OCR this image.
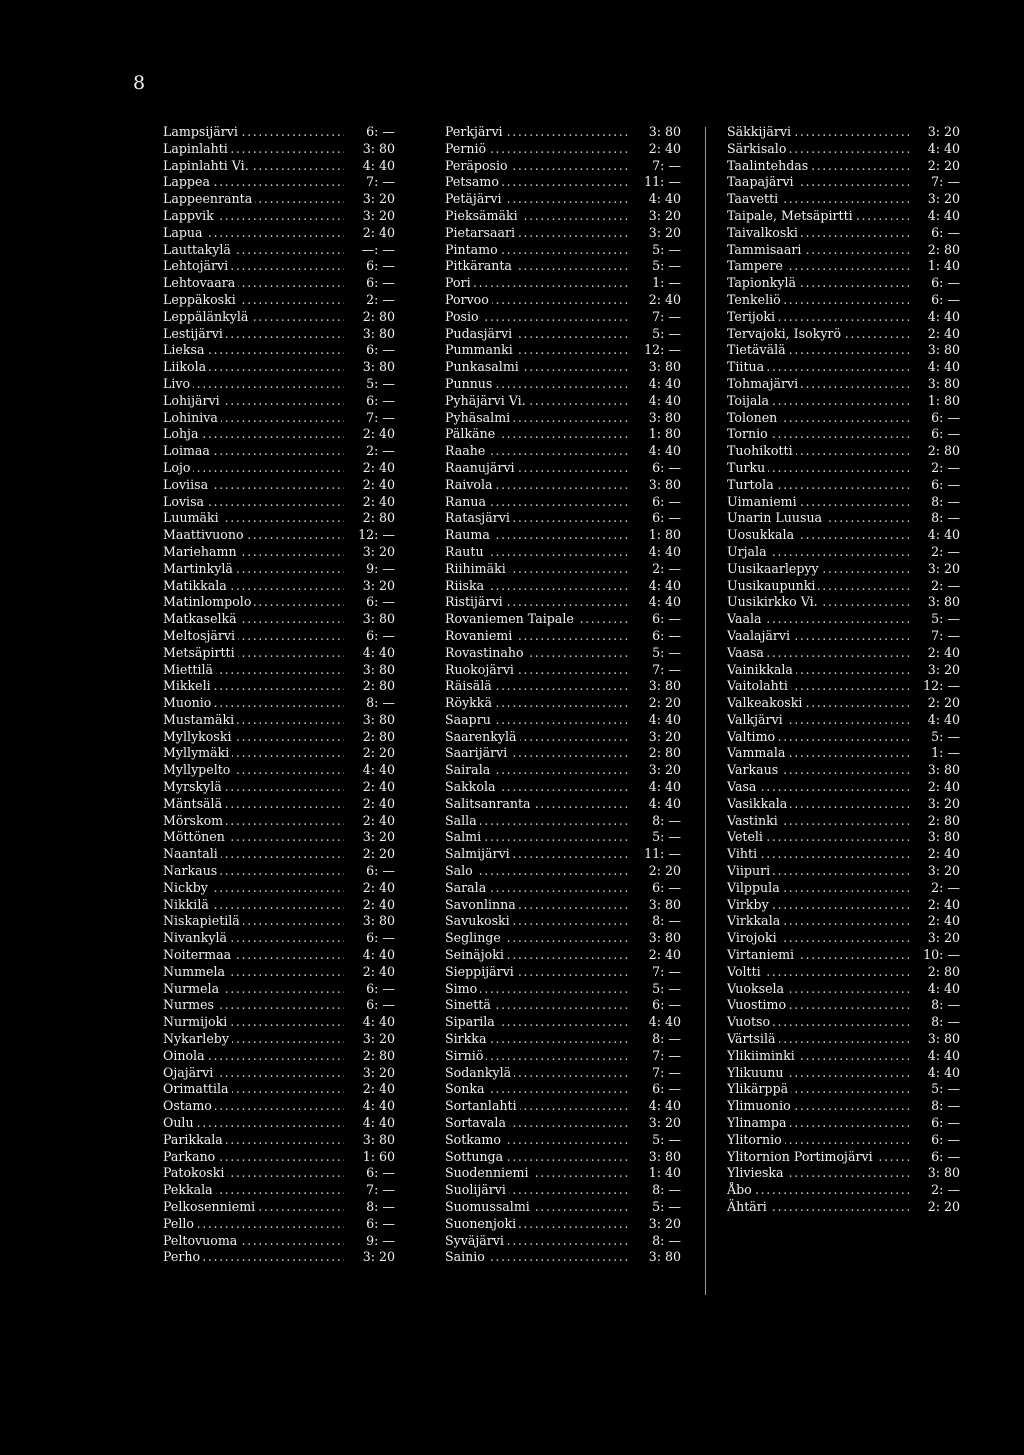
8
Lampsijärvi . . .	6: —
Lapinlahti . . .	3: 80
Lapinlahti Vi. . . .	4: 40
Lappea . . .	7: —
Lappeenranta . . .	3: 20
Lappvik . . .	3: 20
Lapua . . .	2: 40
Lauttakylä . . .	—: —
Lehtojärvi . . .	6: —
Lehtovaara . . .	6: —
Leppäkoski . . .	2: —
Leppälänkylä . . .	2: 80
Lestijärvi . . .	3: 80
Lieksa . . .	6: —
Liikola . . .	3: 80
Livo . . .	5: —
Lohijärvi . . .	6: —
Lohiniva . . .	7: —
Lohja . . .	2: 40
Loimaa . . .	2: —
Lojo . . .	2: 40
Loviisa . . .	2: 40
Lovisa . . .	2: 40
Luumäki . . .	2: 80
Maattivuono . . .	12: —
Mariehamn . . .	3: 20
Martinkylä . . .	9: —
Matikkala . . .	3: 20
Matinlompolo . . .	6: —
Matkaselkä . . .	3: 80
Meltosjärvi . . .	6: —
Metsäpirtti . . .	4: 40
Miettilä . . .	3: 80
Mikkeli . . .	2: 80
Muonio . . .	8: —
Mustamäki . . .	3: 80
Myllykoski . . .	2: 80
Myllymäki . . .	2: 20
Myllypelto . . .	4: 40
Myrskylä . . .	2: 40
Mäntsälä . . .	2: 40
Mörskom . . .	2: 40
Möttönen . . .	3: 20
Naantali . . .	2: 20
Narkaus . . .	6: —
Nickby . . .	2: 40
Nikkilä . . .	2: 40
Niskapietilä . . .	3: 80
Nivankylä . . .	6: —
Noitermaa . . .	4: 40
Nummela . . .	2: 40
Nurmela . . .	6: —
Nurmes . . .	6: —
Nurmijoki . . .	4: 40
Nykarleby . . .	3: 20
Oinola . . .	2: 80
Ojajärvi . . .	3: 20
Orimattila . . .	2: 40
Ostamo . . .	4: 40
Oulu . . .	4: 40
Parikkala . . .	3: 80
Parkano . . .	1: 60
Patokoski . . .	6: —
Pekkala . . .	7: —
Pelkosenniemi . . .	8: —
Pello . . .	6: —
Peltovuoma . . .	9: —
Perho . . .	3: 20
Perkjärvi . . .	3: 80
Perniö . . .	2: 40
Peräposio . . .	7: —
Petsamo . . .	11: —
Petäjärvi . . .	4: 40
Pieksämäki . . .	3: 20
Pietarsaari . . .	3: 20
Pintamo . . .	5: —
Pitkäranta . . .	5: —
Pori . . .	1: —
Porvoo . . .	2: 40
Posio . . .	7: —
Pudasjärvi . . .	5: —
Pummanki . . .	12: —
Punkasalmi . . .	3: 80
Punnus . . .	4: 40
Pyhäjärvi Vi. . . .	4: 40
Pyhäsalmi . . .	3: 80
Pälkäne . . .	1: 80
Raahe . . .	4: 40
Raanujärvi . . .	6: —
Raivola . . .	3: 80
Ranua . . .	6: —
Ratasjärvi . . .	6: —
Rauma . . .	1: 80
Rautu . . .	4: 40
Riihimäki . . .	2: —
Riiska . . .	4: 40
Ristijärvi . . .	4: 40
Rovaniemen Taipale . . .	6: —
Rovaniemi . . .	6: —
Rovastinaho . . .	5: —
Ruokojärvi . . .	7: —
Räisälä . . .	3: 80
Röykkä . . .	2: 20
Saapru . . .	4: 40
Saarenkylä . . .	3: 20
Saarijärvi . . .	2: 80
Sairala . . .	3: 20
Sakkola . . .	4: 40
Salitsanranta . . .	4: 40
Salla . . .	8: —
Salmi . . .	5: —
Salmijärvi . . .	11: —
Salo . . .	2: 20
Sarala . . .	6: —
Savonlinna . . .	3: 80
Savukoski . . .	8: —
Seglinge . . .	3: 80
Seinäjoki . . .	2: 40
Sieppijärvi . . .	7: —
Simo . . .	5: —
Sinettä . . .	6: —
Siparila . . .	4: 40
Sirkka . . .	8: —
Sirniö . . .	7: —
Sodankylä . . .	7: —
Sonka . . .	6: —
Sortanlahti . . .	4: 40
Sortavala . . .	3: 20
Sotkamo . . .	5: —
Sottunga . . .	3: 80
Suodenniemi . . .	1: 40
Suolijärvi . . .	8: —
Suomussalmi . . .	5: —
Suonenjoki . . .	3: 20
Syväjärvi . . .	8: —
Sainio . . .	3: 80
Säkkijärvi . . .	3: 20
Särkisalo . . .	4: 40
Taalintehdas . . .	2: 20
Taapajärvi . . .	7: —
Taavetti . . .	3: 20
Taipale, Metsäpirtti . . .	4: 40
Taivalkoski . . .	6: —
Tammisaari . . .	2: 80
Tampere . . .	1: 40
Tapionkylä . . .	6: —
Tenkeliö . . .	6: —
Terijoki . . .	4: 40
Tervajoki, Isokyrö . . .	2: 40
Tietävälä . . .	3: 80
Tiitua . . .	4: 40
Tohmajärvi . . .	3: 80
Toijala . . .	1: 80
Tolonen . . .	6: —
Tornio . . .	6: —
Tuohikotti . . .	2: 80
Turku . . .	2: —
Turtola . . .	6: —
Uimaniemi . . .	8: —
Unarin Luusua . . .	8: —
Uosukkala . . .	4: 40
Urjala . . .	2: —
Uusikaarlepyy . . .	3: 20
Uusikaupunki . . .	2: —
Uusikirkko Vi. . . .	3: 80
Vaala . . .	5: —
Vaalajärvi . . .	7: —
Vaasa . . .	2: 40
Vainikkala . . .	3: 20
Vaitolahti . . .	12: —
Valkeakoski . . .	2: 20
Valkjärvi . . .	4: 40
Valtimo . . .	5: —
Vammala . . .	1: —
Varkaus . . .	3: 80
Vasa . . .	2: 40
Vasikkala . . .	3: 20
Vastinki . . .	2: 80
Veteli . . .	3: 80
Vihti . . .	2: 40
Viipuri . . .	3: 20
Vilppula . . .	2: —
Virkby . . .	2: 40
Virkkala . . .	2: 40
Virojoki . . .	3: 20
Virtaniemi . . .	10: —
Voltti . . .	2: 80
Vuoksela . . .	4: 40
Vuostimo . . .	8: —
Vuotso . . .	8: —
Värtsilä . . .	3: 80
Ylikiiminki . . .	4: 40
Ylikuunu . . .	4: 40
Ylikärppä . . .	5: —
Ylimuonio . . .	8: —
Ylinampa . . .	6: —
Ylitornio . . .	6: —
Ylitornion Portimojärvi . . .	6: —
Ylivieska . . .	3: 80
Åbo . . .	2: —
Ähtäri . . .	2: 20
